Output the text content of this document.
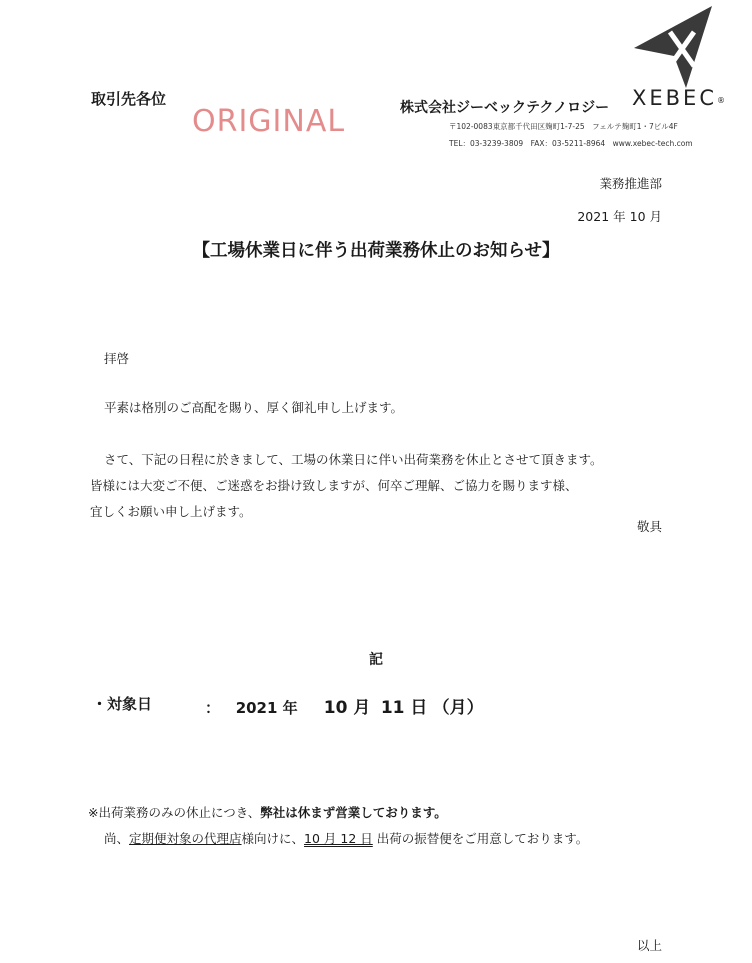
取引先各位
ORIGINAL	株式会社ジーベックテクノロジー XEBEC®
〒102-0083東京都千代田区麹町1-7-25　フェルテ麹町1・7ビル4F
TEL：03-3239-3809　FAX：03-5211-8964　www.xebec-tech.com
業務推進部
2021 年 10 月
【工場休業日に伴う出荷業務休止のお知らせ】
拝啓
平素は格別のご高配を賜り、厚く御礼申し上げます。
さて、下記の日程に於きまして、工場の休業日に伴い出荷業務を休止とさせて頂きます。
皆様には大変ご不便、ご迷惑をお掛け致しますが、何卒ご理解、ご協力を賜ります様、
宜しくお願い申し上げます。
敬具
記
・対象日	： 2021 年 10 月 11 日 （月）
※出荷業務のみの休止につき、弊社は休まず営業しております。
尚、定期便対象の代理店様向けに、10 月 12 日 出荷の振替便をご用意しております。
以上
